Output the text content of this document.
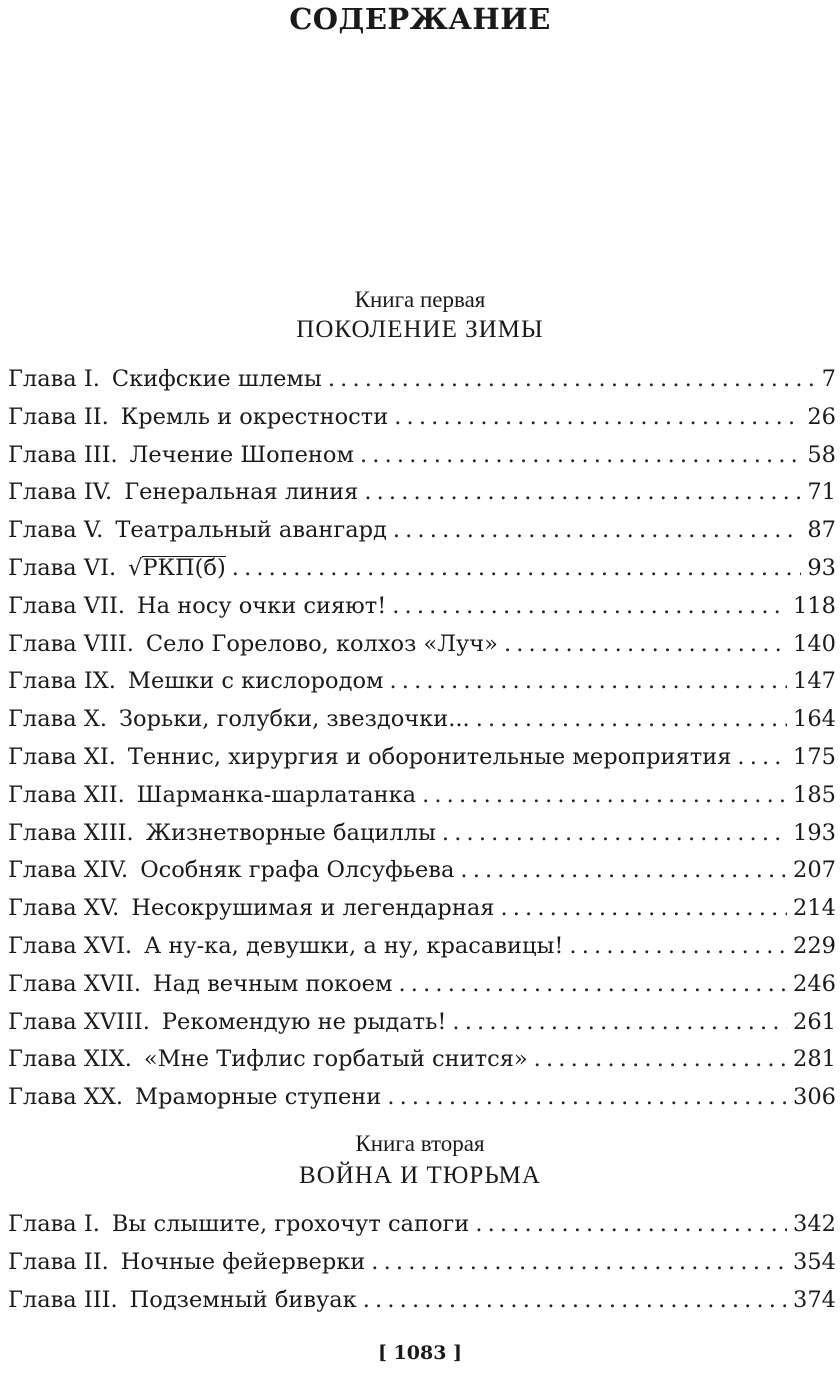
СОДЕРЖАНИЕ
Книга первая
ПОКОЛЕНИЕ ЗИМЫ
Глава I. Скифские шлемы . . .	7
Глава II. Кремль и окрестности . . .	26
Глава III. Лечение Шопеном . . .	58
Глава IV. Генеральная линия . . .	71
Глава V. Театральный авангард . . .	87
Глава VI. √РКП(б) . . .	93
Глава VII. На носу очки сияют! . . .	118
Глава VIII. Село Горелово, колхоз «Луч» . . .	140
Глава IX. Мешки с кислородом . . .	147
Глава X. Зорьки, голубки, звездочки... . . .	164
Глава XI. Теннис, хирургия и оборонительные мероприятия . . .	175
Глава XII. Шарманка-шарлатанка . . .	185
Глава XIII. Жизнетворные бациллы . . .	193
Глава XIV. Особняк графа Олсуфьева . . .	207
Глава XV. Несокрушимая и легендарная . . .	214
Глава XVI. А ну-ка, девушки, а ну, красавицы! . . .	229
Глава XVII. Над вечным покоем . . .	246
Глава XVIII. Рекомендую не рыдать! . . .	261
Глава XIX. «Мне Тифлис горбатый снится» . . .	281
Глава XX. Мраморные ступени . . .	306
Книга вторая
ВОЙНА И ТЮРЬМА
Глава I. Вы слышите, грохочут сапоги . . .	342
Глава II. Ночные фейерверки . . .	354
Глава III. Подземный бивуак . . .	374
[ 1083 ]
